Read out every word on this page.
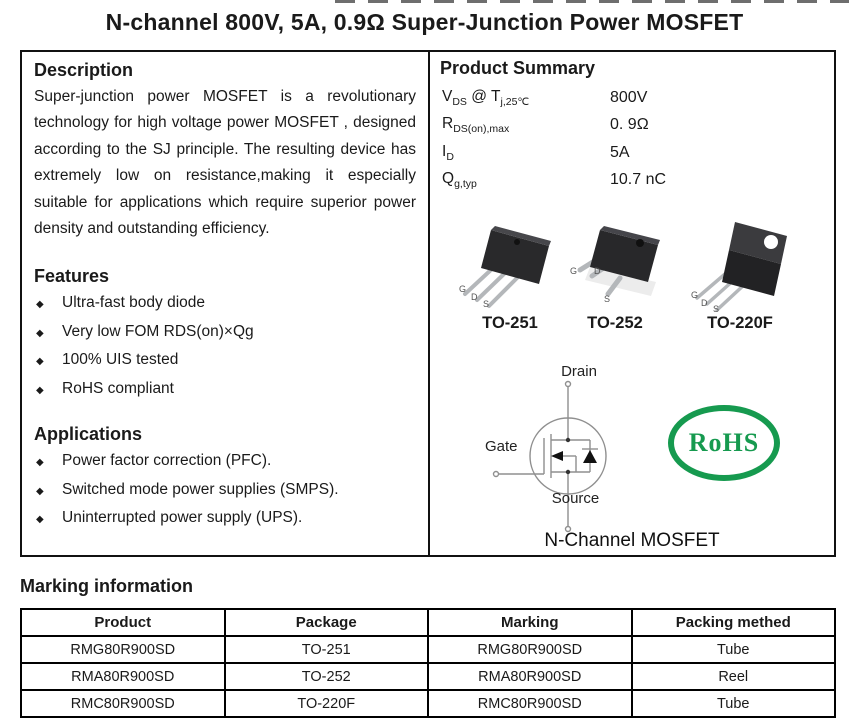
N-channel 800V, 5A, 0.9Ω Super-Junction Power MOSFET
Description

Super-junction power MOSFET is a revolutionary technology for high voltage power MOSFET , designed according to the SJ principle. The resulting device has extremely low on resistance,making it especially suitable for applications which require superior power density and outstanding efficiency.

Features
◆	Ultra-fast body diode
◆	Very low FOM RDS(on)×Qg
◆	100% UIS tested
◆	RoHS compliant
Applications
◆	Power factor correction (PFC).
◆	Switched mode power supplies (SMPS).
◆	Uninterrupted power supply (UPS).
Product Summary
$V_{DS}$ @ $T_{j,25℃}$	800V
$R_{DS(on),max}$	0. 9Ω
$I_D$	5A
$Q_{g,typ}$	10.7 nC
G
D
S
G D
S	G
D
S
TO-251	TO-252	TO-220F
Drain
Gate
Source
N-Channel MOSFET
RoHS
Marking information
Product	Package	Marking	Packing methed
RMG80R900SD	TO-251	RMG80R900SD	Tube
RMA80R900SD	TO-252	RMA80R900SD	Reel
RMC80R900SD	TO-220F	RMC80R900SD	Tube
